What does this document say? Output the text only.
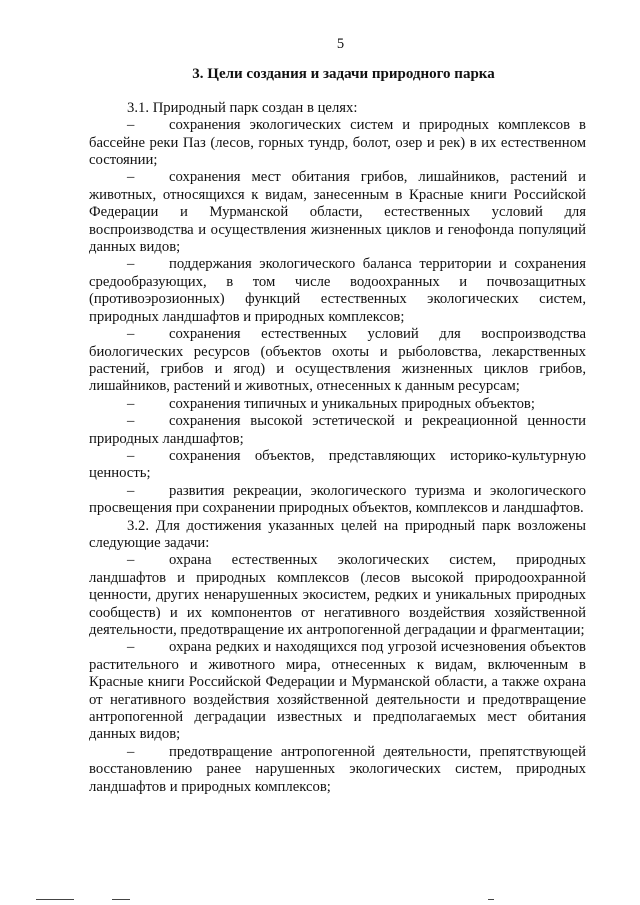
5
3. Цели создания и задачи природного парка

3.1. Природный парк создан в целях:

– сохранения экологических систем и природных комплексов в бассейне реки Паз (лесов, горных тундр, болот, озер и рек) в их естественном состоянии;

– сохранения мест обитания грибов, лишайников, растений и животных, относящихся к видам, занесенным в Красные книги Российской Федерации и Мурманской области, естественных условий для воспроизводства и осуществления жизненных циклов и генофонда популяций данных видов;

– поддержания экологического баланса территории и сохранения средообразующих, в том числе водоохранных и почвозащитных (противоэрозионных) функций естественных экологических систем, природных ландшафтов и природных комплексов;

– сохранения естественных условий для воспроизводства биологических ресурсов (объектов охоты и рыболовства, лекарственных растений, грибов и ягод) и осуществления жизненных циклов грибов, лишайников, растений и животных, отнесенных к данным ресурсам;

– сохранения типичных и уникальных природных объектов;

– сохранения высокой эстетической и рекреационной ценности природных ландшафтов;

– сохранения объектов, представляющих историко-культурную ценность;

– развития рекреации, экологического туризма и экологического просвещения при сохранении природных объектов, комплексов и ландшафтов.

3.2. Для достижения указанных целей на природный парк возложены следующие задачи:

– охрана естественных экологических систем, природных ландшафтов и природных комплексов (лесов высокой природоохранной ценности, других ненарушенных экосистем, редких и уникальных природных сообществ) и их компонентов от негативного воздействия хозяйственной деятельности, предотвращение их антропогенной деградации и фрагментации;

– охрана редких и находящихся под угрозой исчезновения объектов растительного и животного мира, отнесенных к видам, включенным в Красные книги Российской Федерации и Мурманской области, а также охрана от негативного воздействия хозяйственной деятельности и предотвращение антропогенной деградации известных и предполагаемых мест обитания данных видов;

– предотвращение антропогенной деятельности, препятствующей восстановлению ранее нарушенных экологических систем, природных ландшафтов и природных комплексов;
